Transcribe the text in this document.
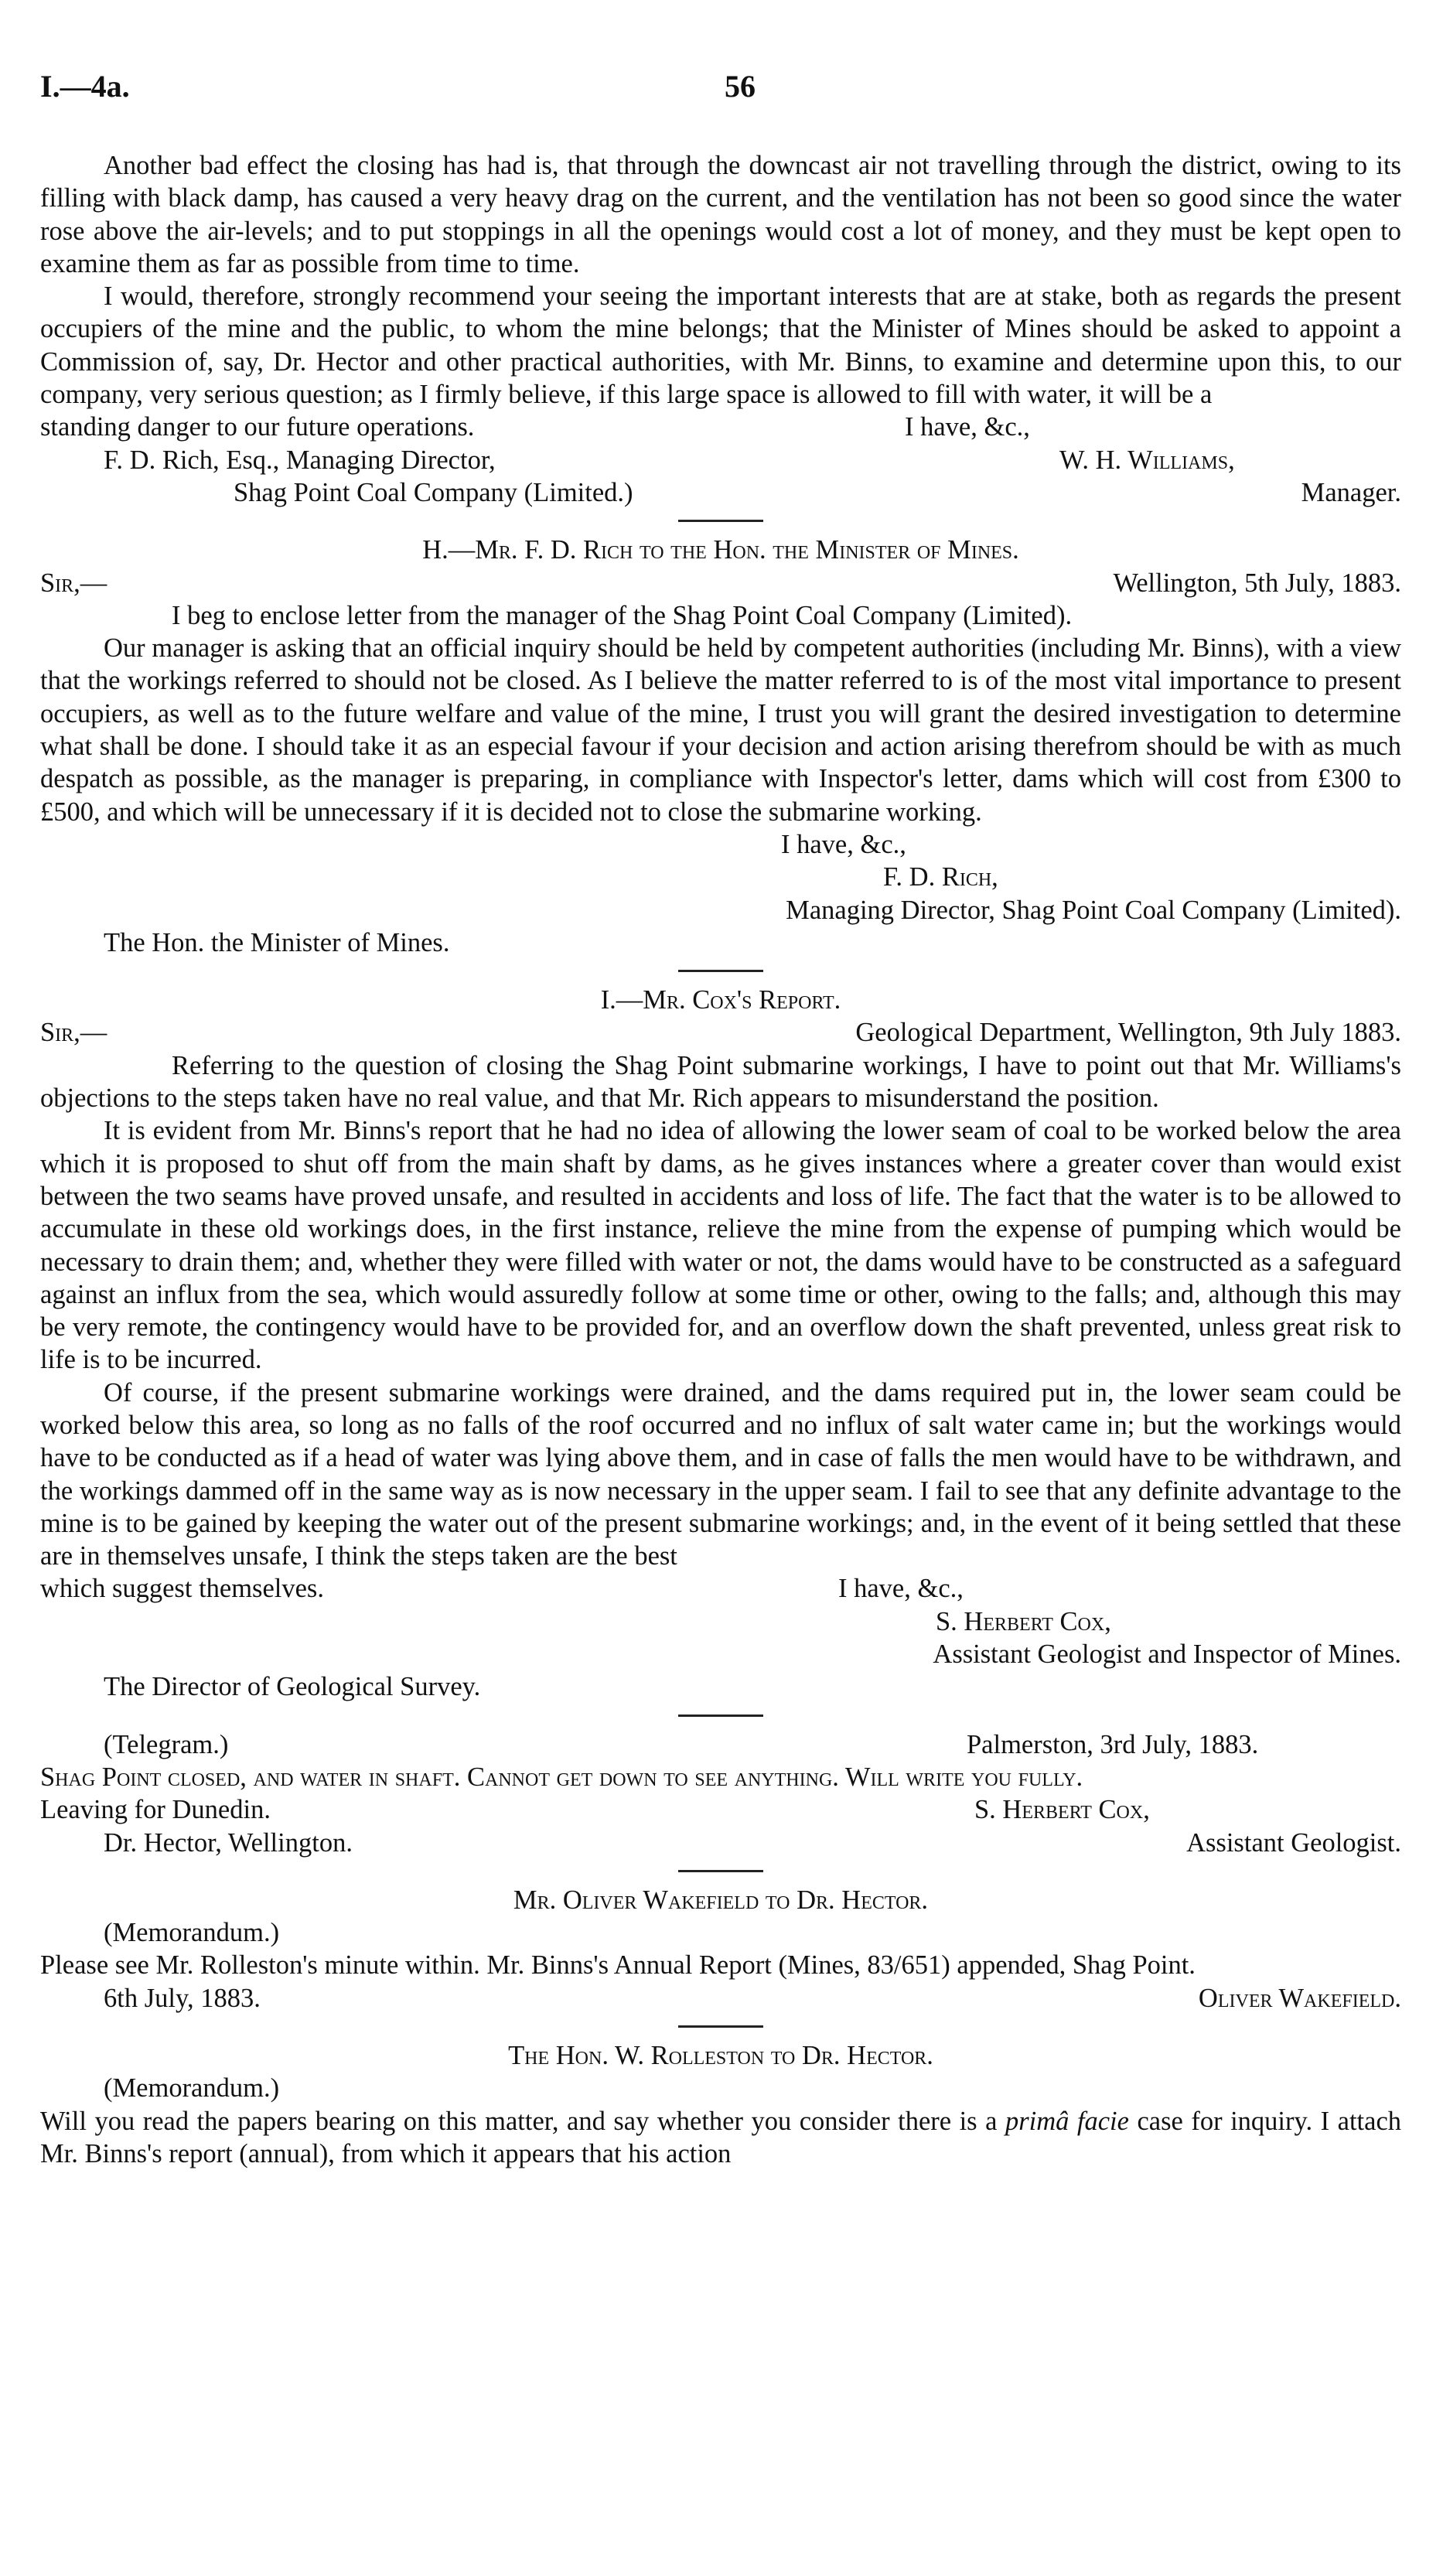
I.—4a.	56

Another bad effect the closing has had is, that through the downcast air not travelling through the district, owing to its filling with black damp, has caused a very heavy drag on the current, and the ventilation has not been so good since the water rose above the air-levels; and to put stoppings in all the openings would cost a lot of money, and they must be kept open to examine them as far as possible from time to time.

I would, therefore, strongly recommend your seeing the important interests that are at stake, both as regards the present occupiers of the mine and the public, to whom the mine belongs; that the Minister of Mines should be asked to appoint a Commission of, say, Dr. Hector and other practical authorities, with Mr. Binns, to examine and determine upon this, to our company, very serious question; as I firmly believe, if this large space is allowed to fill with water, it will be a

standing danger to our future operations.	I have, &c.,
F. D. Rich, Esq., Managing Director,	W. H. Williams,
Shag Point Coal Company (Limited.)	Manager.
H.—Mr. F. D. Rich to the Hon. the Minister of Mines.
Sir,—	Wellington, 5th July, 1883.

I beg to enclose letter from the manager of the Shag Point Coal Company (Limited).

Our manager is asking that an official inquiry should be held by competent authorities (including Mr. Binns), with a view that the workings referred to should not be closed. As I believe the matter referred to is of the most vital importance to present occupiers, as well as to the future welfare and value of the mine, I trust you will grant the desired investigation to determine what shall be done. I should take it as an especial favour if your decision and action arising therefrom should be with as much despatch as possible, as the manager is preparing, in compliance with Inspector's letter, dams which will cost from £300 to £500, and which will be unnecessary if it is decided not to close the submarine working.

I have, &c.,
F. D. Rich,
Managing Director, Shag Point Coal Company (Limited).
The Hon. the Minister of Mines.
I.—Mr. Cox's Report.
Sir,—	Geological Department, Wellington, 9th July 1883.

Referring to the question of closing the Shag Point submarine workings, I have to point out that Mr. Williams's objections to the steps taken have no real value, and that Mr. Rich appears to misunderstand the position.

It is evident from Mr. Binns's report that he had no idea of allowing the lower seam of coal to be worked below the area which it is proposed to shut off from the main shaft by dams, as he gives instances where a greater cover than would exist between the two seams have proved unsafe, and resulted in accidents and loss of life. The fact that the water is to be allowed to accumulate in these old workings does, in the first instance, relieve the mine from the expense of pumping which would be necessary to drain them; and, whether they were filled with water or not, the dams would have to be constructed as a safeguard against an influx from the sea, which would assuredly follow at some time or other, owing to the falls; and, although this may be very remote, the contingency would have to be provided for, and an overflow down the shaft prevented, unless great risk to life is to be incurred.

Of course, if the present submarine workings were drained, and the dams required put in, the lower seam could be worked below this area, so long as no falls of the roof occurred and no influx of salt water came in; but the workings would have to be conducted as if a head of water was lying above them, and in case of falls the men would have to be withdrawn, and the workings dammed off in the same way as is now necessary in the upper seam. I fail to see that any definite advantage to the mine is to be gained by keeping the water out of the present submarine workings; and, in the event of it being settled that these are in themselves unsafe, I think the steps taken are the best

which suggest themselves.	I have, &c.,
S. Herbert Cox,
Assistant Geologist and Inspector of Mines.
The Director of Geological Survey.
(Telegram.)	Palmerston, 3rd July, 1883.
Shag Point closed, and water in shaft. Cannot get down to see anything. Will write you fully.
Leaving for Dunedin.	S. Herbert Cox,
Dr. Hector, Wellington.	Assistant Geologist.
Mr. Oliver Wakefield to Dr. Hector.
(Memorandum.)

Please see Mr. Rolleston's minute within. Mr. Binns's Annual Report (Mines, 83/651) appended, Shag Point.

6th July, 1883.	Oliver Wakefield.
The Hon. W. Rolleston to Dr. Hector.
(Memorandum.)

Will you read the papers bearing on this matter, and say whether you consider there is a primâ facie case for inquiry. I attach Mr. Binns's report (annual), from which it appears that his action
